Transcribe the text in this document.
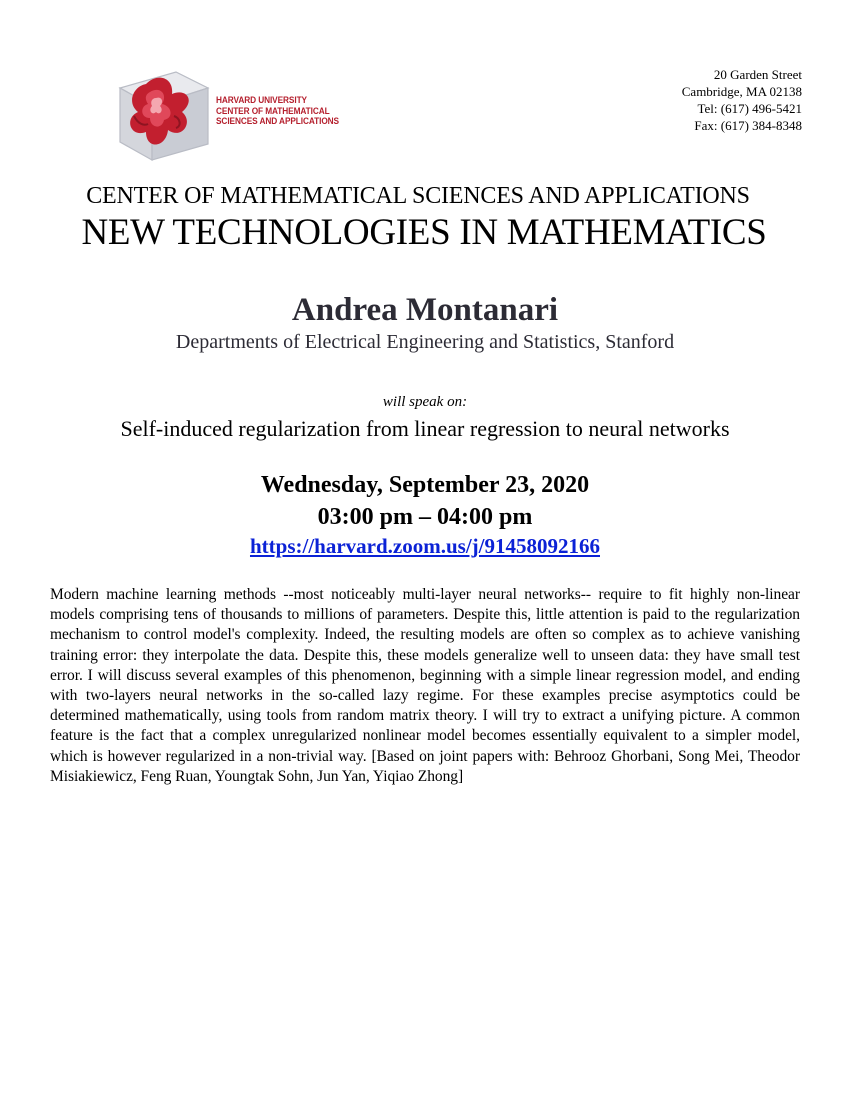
HARVARD UNIVERSITY
CENTER OF MATHEMATICAL
SCIENCES AND APPLICATIONS
20 Garden Street
Cambridge, MA 02138
Tel: (617) 496-5421
Fax: (617) 384-8348
CENTER OF MATHEMATICAL SCIENCES AND APPLICATIONS
NEW TECHNOLOGIES IN MATHEMATICS
Andrea Montanari
Departments of Electrical Engineering and Statistics, Stanford
will speak on:
Self-induced regularization from linear regression to neural networks
Wednesday, September 23, 2020
03:00 pm – 04:00 pm
https://harvard.zoom.us/j/91458092166
Modern machine learning methods --most noticeably multi-layer neural networks-- require to fit highly non-linear models comprising tens of thousands to millions of parameters. Despite this, little attention is paid to the regularization mechanism to control model's complexity. Indeed, the resulting models are often so complex as to achieve vanishing training error: they interpolate the data. Despite this, these models generalize well to unseen data: they have small test error. I will discuss several examples of this phenomenon, beginning with a simple linear regression model, and ending with two-layers neural networks in the so-called lazy regime. For these examples precise asymptotics could be determined mathematically, using tools from random matrix theory. I will try to extract a unifying picture. A common feature is the fact that a complex unregularized nonlinear model becomes essentially equivalent to a simpler model, which is however regularized in a non-trivial way. [Based on joint papers with: Behrooz Ghorbani, Song Mei, Theodor Misiakiewicz, Feng Ruan, Youngtak Sohn, Jun Yan, Yiqiao Zhong]
